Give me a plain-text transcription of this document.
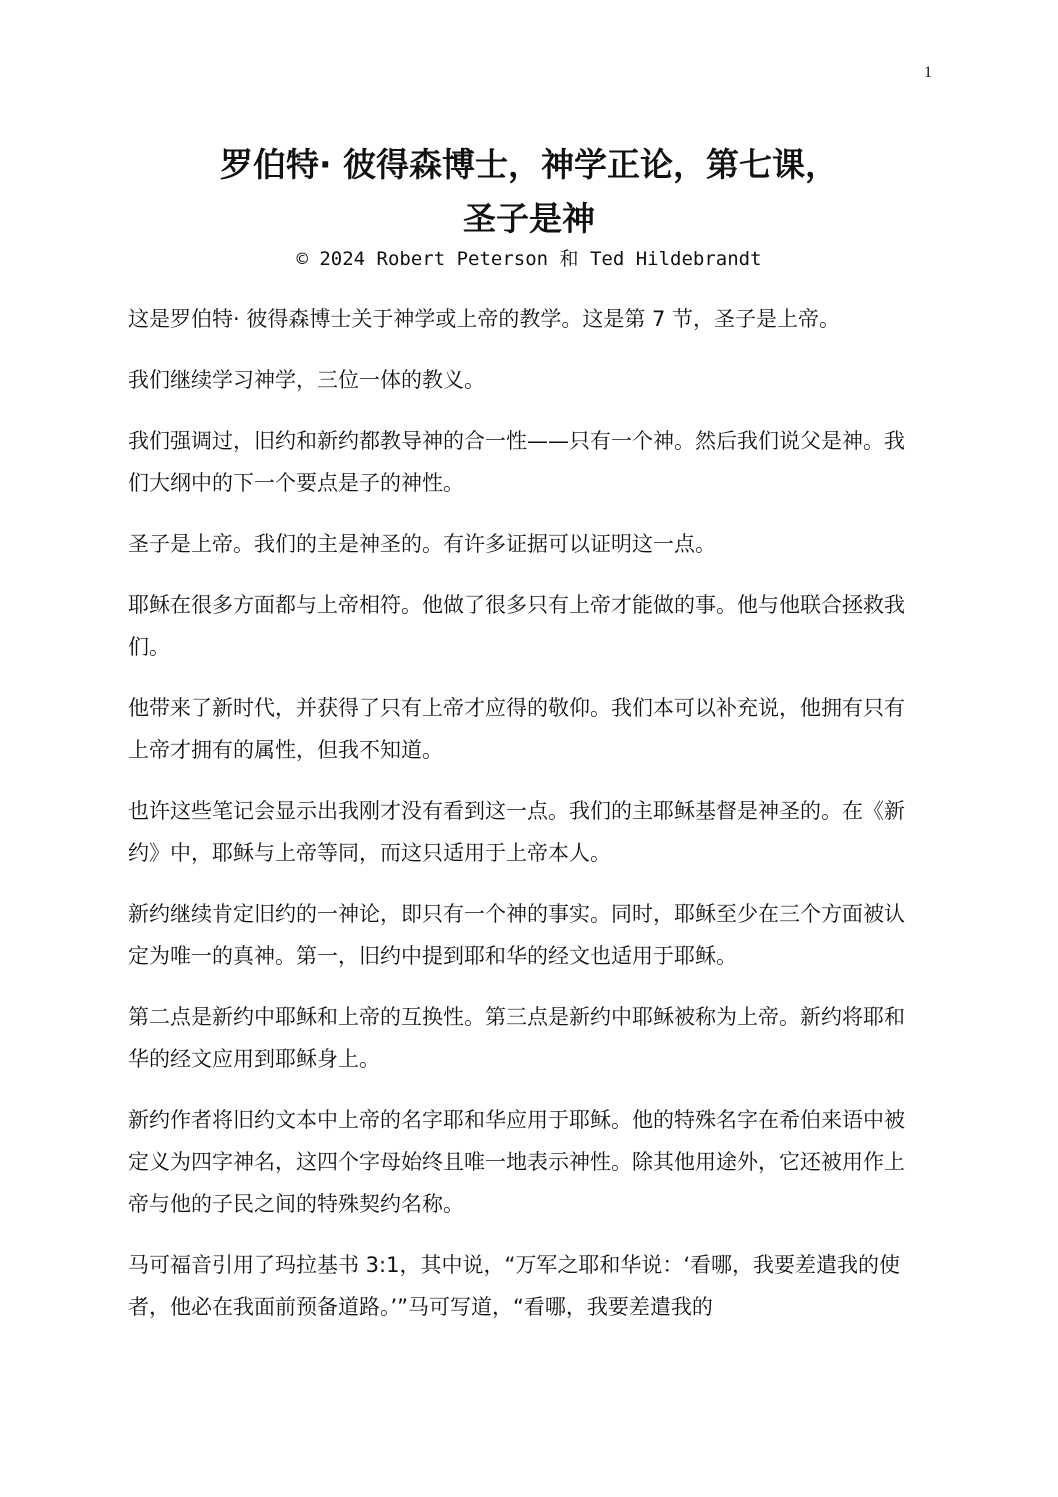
1
罗伯特· 彼得森博士，神学正论，第七课，
圣子是神
© 2024 Robert Peterson 和 Ted Hildebrandt

这是罗伯特· 彼得森博士关于神学或上帝的教学。这是第 7 节，圣子是上帝。

我们继续学习神学，三位一体的教义。

我们强调过，旧约和新约都教导神的合一性——只有一个神。然后我们说父是神。我们大纲中的下一个要点是子的神性。

圣子是上帝。我们的主是神圣的。有许多证据可以证明这一点。

耶稣在很多方面都与上帝相符。他做了很多只有上帝才能做的事。他与他联合拯救我们。

他带来了新时代，并获得了只有上帝才应得的敬仰。我们本可以补充说，他拥有只有上帝才拥有的属性，但我不知道。

也许这些笔记会显示出我刚才没有看到这一点。我们的主耶稣基督是神圣的。在《新约》中，耶稣与上帝等同，而这只适用于上帝本人。

新约继续肯定旧约的一神论，即只有一个神的事实。同时，耶稣至少在三个方面被认定为唯一的真神。第一，旧约中提到耶和华的经文也适用于耶稣。

第二点是新约中耶稣和上帝的互换性。第三点是新约中耶稣被称为上帝。新约将耶和华的经文应用到耶稣身上。

新约作者将旧约文本中上帝的名字耶和华应用于耶稣。他的特殊名字在希伯来语中被定义为四字神名，这四个字母始终且唯一地表示神性。除其他用途外，它还被用作上帝与他的子民之间的特殊契约名称。

马可福音引用了玛拉基书 3:1，其中说，“万军之耶和华说：‘看哪，我要差遣我的使者，他必在我面前预备道路。’”马可写道，“看哪，我要差遣我的
